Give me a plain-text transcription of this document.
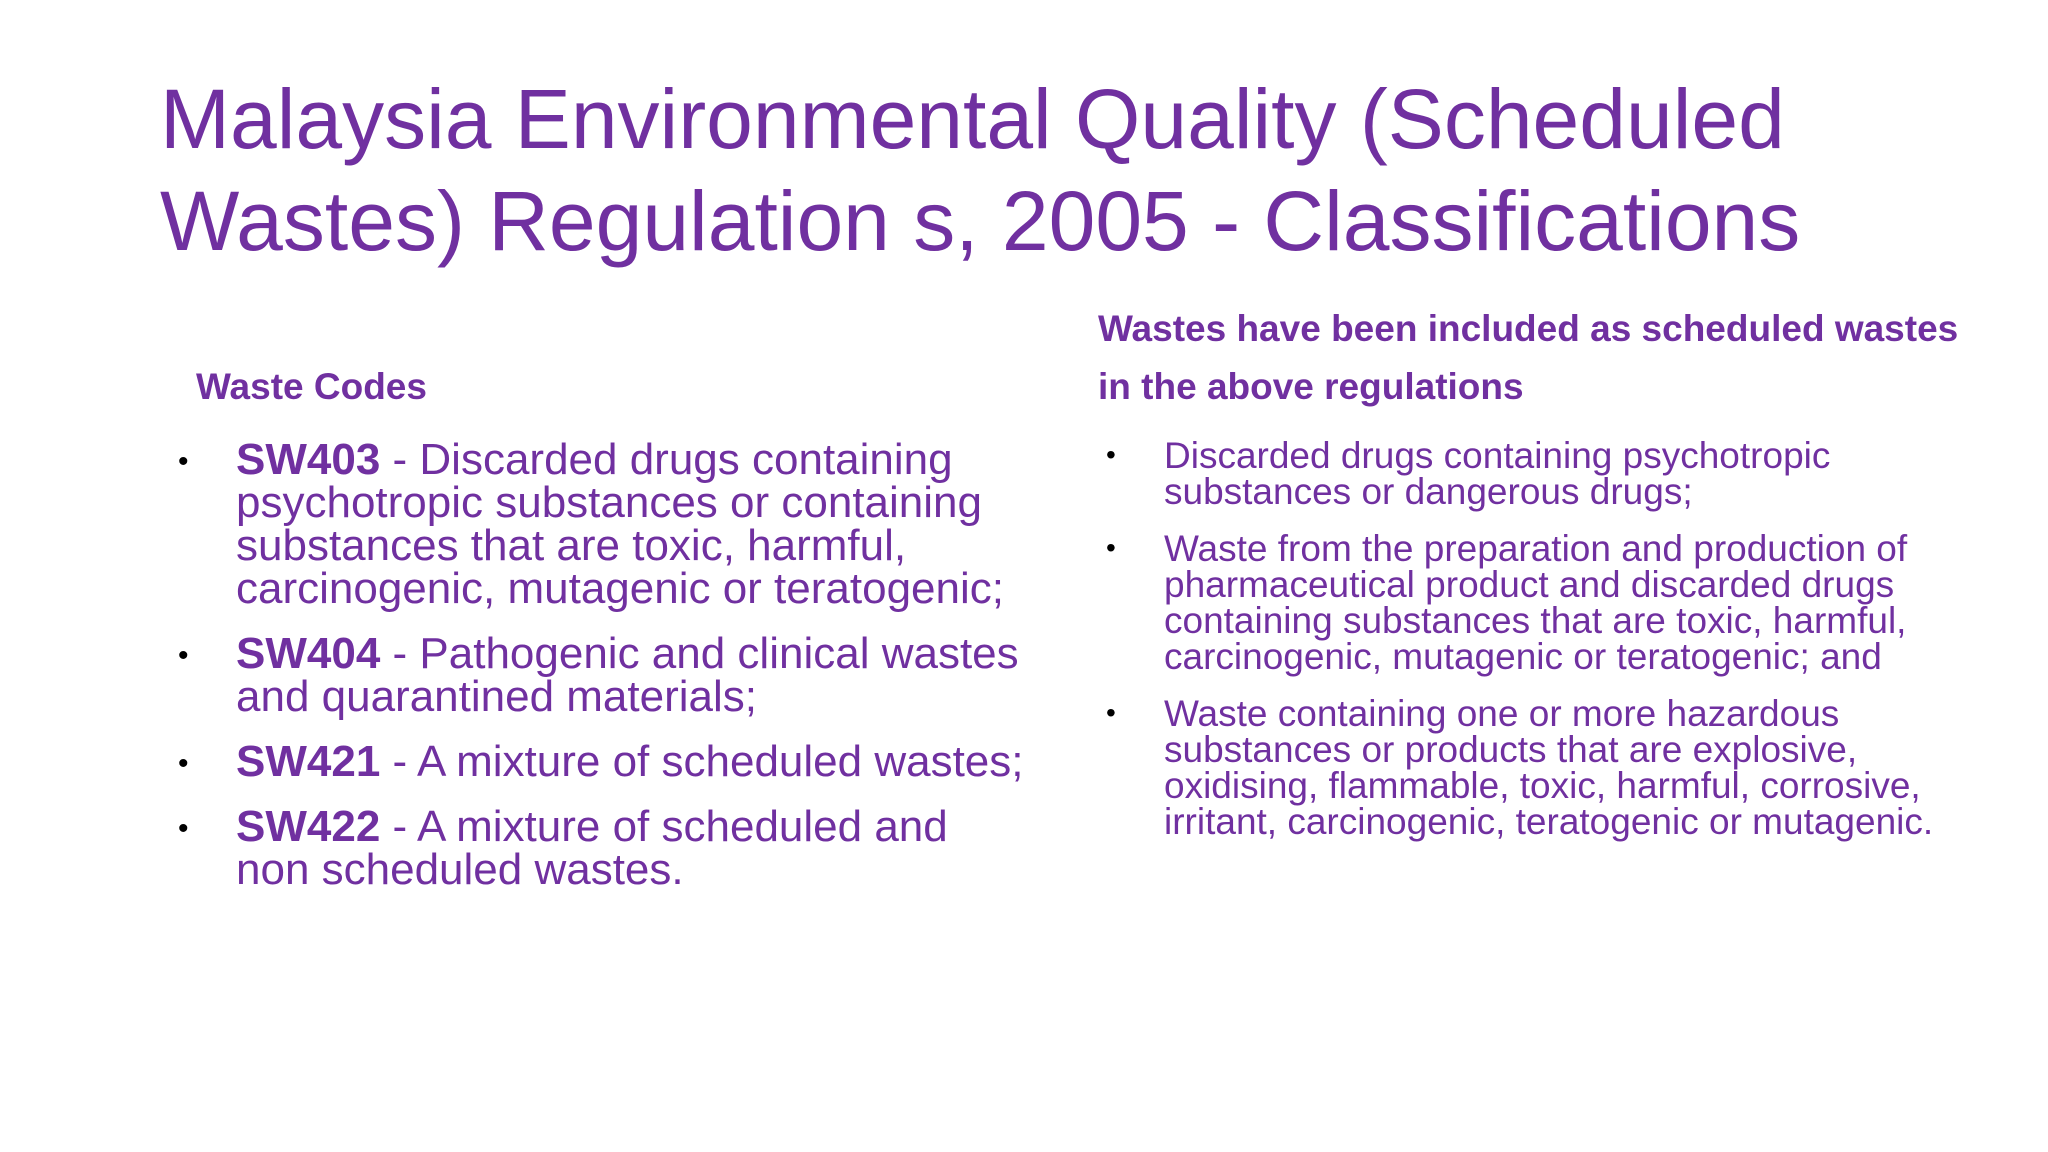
Malaysia Environmental Quality (Scheduled Wastes) Regulation s, 2005 - Classifications
Waste Codes
• SW403 - Discarded drugs containing psychotropic substances or containing substances that are toxic, harmful, carcinogenic, mutagenic or teratogenic;
• SW404 - Pathogenic and clinical wastes and quarantined materials;
• SW421 - A mixture of scheduled wastes;
• SW422 - A mixture of scheduled and non scheduled wastes.
Wastes have been included as scheduled wastes in the above regulations
• Discarded drugs containing psychotropic substances or dangerous drugs;
• Waste from the preparation and production of pharmaceutical product and discarded drugs containing substances that are toxic, harmful, carcinogenic, mutagenic or teratogenic; and
• Waste containing one or more hazardous substances or products that are explosive, oxidising, flammable, toxic, harmful, corrosive, irritant, carcinogenic, teratogenic or mutagenic.
